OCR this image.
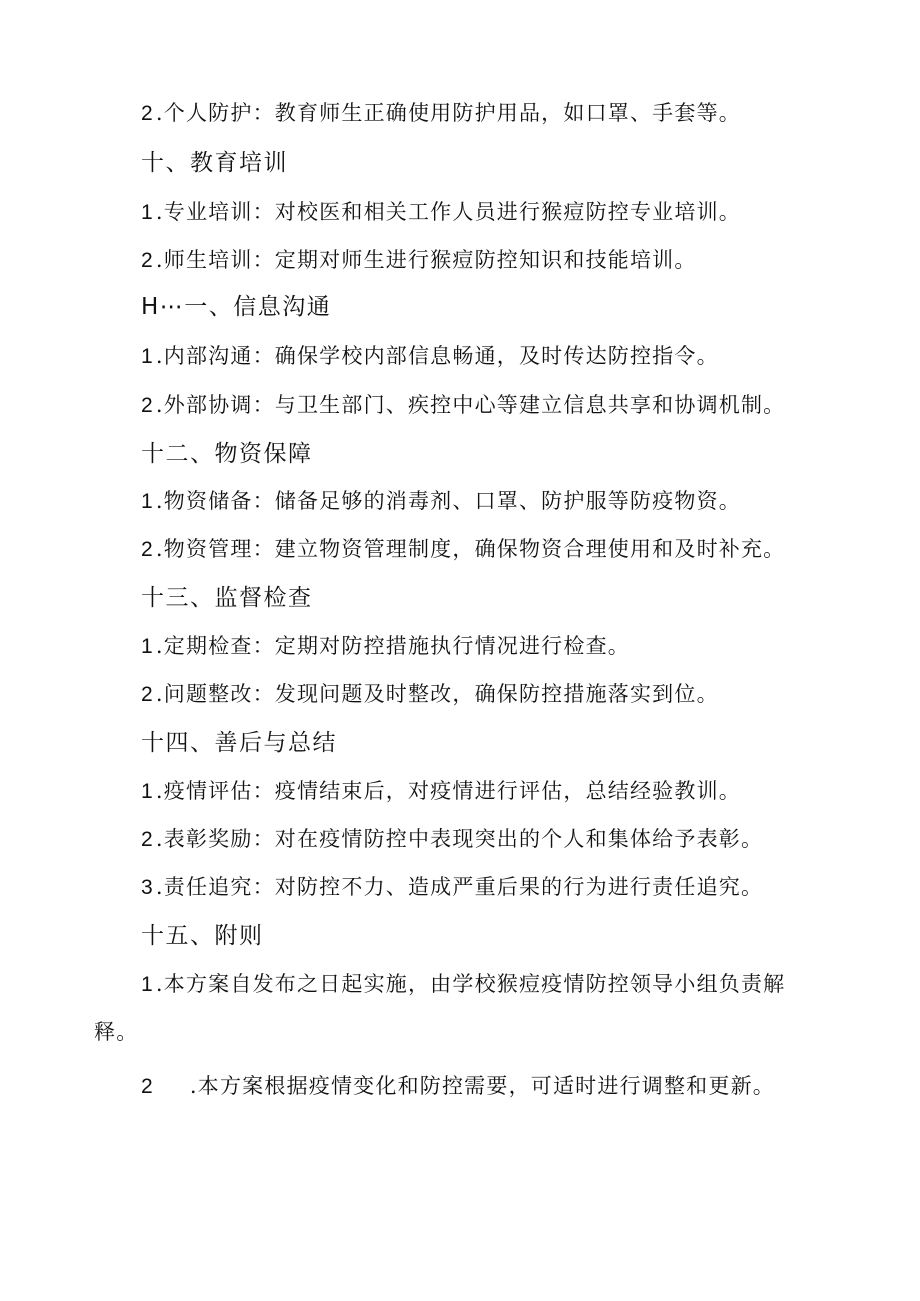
2.个人防护：教育师生正确使用防护用品，如口罩、手套等。
十、教育培训
1.专业培训：对校医和相关工作人员进行猴痘防控专业培训。
2.师生培训：定期对师生进行猴痘防控知识和技能培训。
H⋯一、信息沟通
1.内部沟通：确保学校内部信息畅通，及时传达防控指令。
2.外部协调：与卫生部门、疾控中心等建立信息共享和协调机制。
十二、物资保障
1.物资储备：储备足够的消毒剂、口罩、防护服等防疫物资。
2.物资管理：建立物资管理制度，确保物资合理使用和及时补充。
十三、监督检查
1.定期检查：定期对防控措施执行情况进行检查。
2.问题整改：发现问题及时整改，确保防控措施落实到位。
十四、善后与总结
1.疫情评估：疫情结束后，对疫情进行评估，总结经验教训。
2.表彰奖励：对在疫情防控中表现突出的个人和集体给予表彰。
3.责任追究：对防控不力、造成严重后果的行为进行责任追究。
十五、附则
1.本方案自发布之日起实施，由学校猴痘疫情防控领导小组负责解
释。
2 .本方案根据疫情变化和防控需要，可适时进行调整和更新。
